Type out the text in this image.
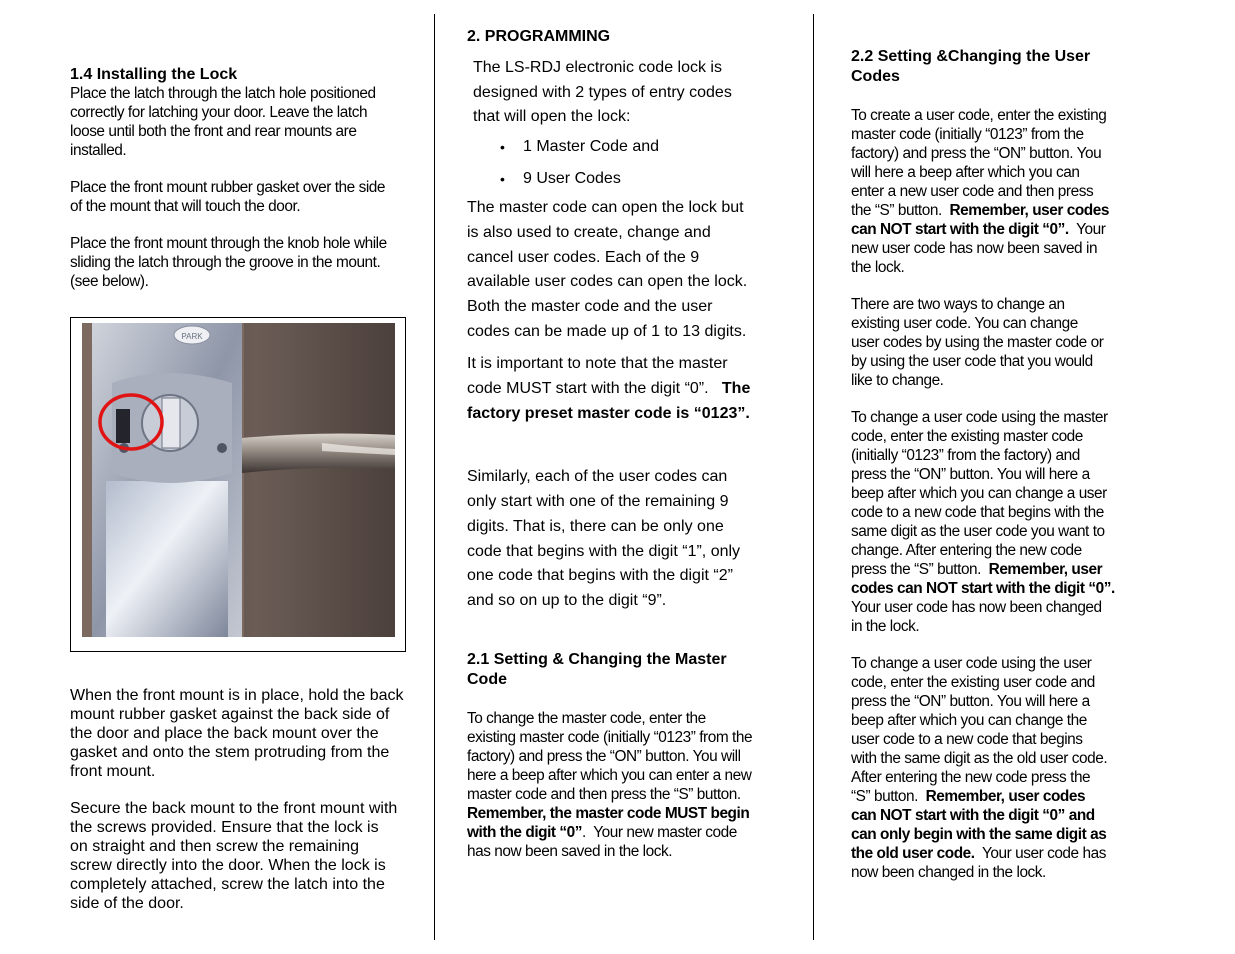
1.4 Installing the Lock
Place the latch through the latch hole positioned
correctly for latching your door. Leave the latch
loose until both the front and rear mounts are
installed.
Place the front mount rubber gasket over the side
of the mount that will touch the door.
Place the front mount through the knob hole while
sliding the latch through the groove in the mount.
(see below).
PARK
When the front mount is in place, hold the back
mount rubber gasket against the back side of
the door and place the back mount over the
gasket and onto the stem protruding from the
front mount.
Secure the back mount to the front mount with
the screws provided. Ensure that the lock is
on straight and then screw the remaining
screw directly into the door. When the lock is
completely attached, screw the latch into the
side of the door.
2. PROGRAMMING
The LS-RDJ electronic code lock is
designed with 2 types of entry codes
that will open the lock:
• 1 Master Code and
• 9 User Codes
The master code can open the lock but
is also used to create, change and
cancel user codes. Each of the 9
available user codes can open the lock.
Both the master code and the user
codes can be made up of 1 to 13 digits.
It is important to note that the master
code MUST start with the digit “0”.   The
factory preset master code is “0123”.
Similarly, each of the user codes can
only start with one of the remaining 9
digits. That is, there can be only one
code that begins with the digit “1”, only
one code that begins with the digit “2”
and so on up to the digit “9”.
2.1 Setting & Changing the Master
Code
To change the master code, enter the
existing master code (initially “0123” from the
factory) and press the “ON” button. You will
here a beep after which you can enter a new
master code and then press the “S” button.
Remember, the master code MUST begin
with the digit “0”.  Your new master code
has now been saved in the lock.
2.2 Setting &Changing the User
Codes
To create a user code, enter the existing
master code (initially “0123” from the
factory) and press the “ON” button. You
will here a beep after which you can
enter a new user code and then press
the “S” button.  Remember, user codes
can NOT start with the digit “0”.  Your
new user code has now been saved in
the lock.
There are two ways to change an
existing user code. You can change
user codes by using the master code or
by using the user code that you would
like to change.
To change a user code using the master
code, enter the existing master code
(initially “0123” from the factory) and
press the “ON” button. You will here a
beep after which you can change a user
code to a new code that begins with the
same digit as the user code you want to
change. After entering the new code
press the “S” button.  Remember, user
codes can NOT start with the digit “0”.
Your user code has now been changed
in the lock.
To change a user code using the user
code, enter the existing user code and
press the “ON” button. You will here a
beep after which you can change the
user code to a new code that begins
with the same digit as the old user code.
After entering the new code press the
“S” button.  Remember, user codes
can NOT start with the digit “0” and
can only begin with the same digit as
the old user code.  Your user code has
now been changed in the lock.
